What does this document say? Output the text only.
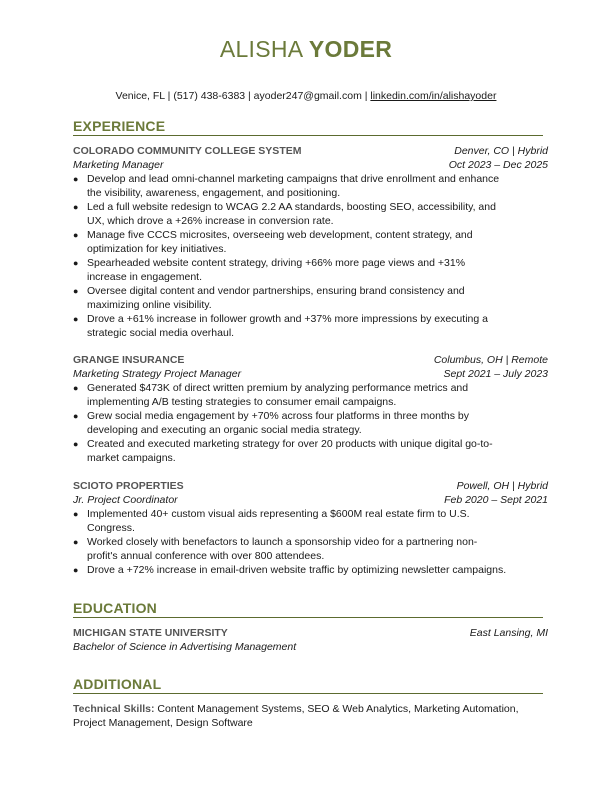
ALISHA YODER
Venice, FL | (517) 438-6383 | ayoder247@gmail.com | linkedin.com/in/alishayoder
EXPERIENCE
COLORADO COMMUNITY COLLEGE SYSTEM	Denver, CO | Hybrid
Marketing Manager	Oct 2023 – Dec 2025
● Develop and lead omni-channel marketing campaigns that drive enrollment and enhance the visibility, awareness, engagement, and positioning.
● Led a full website redesign to WCAG 2.2 AA standards, boosting SEO, accessibility, and UX, which drove a +26% increase in conversion rate.
● Manage five CCCS microsites, overseeing web development, content strategy, and optimization for key initiatives.
● Spearheaded website content strategy, driving +66% more page views and +31% increase in engagement.
● Oversee digital content and vendor partnerships, ensuring brand consistency and maximizing online visibility.
● Drove a +61% increase in follower growth and +37% more impressions by executing a strategic social media overhaul.
GRANGE INSURANCE	Columbus, OH | Remote
Marketing Strategy Project Manager	Sept 2021 – July 2023
● Generated $473K of direct written premium by analyzing performance metrics and implementing A/B testing strategies to consumer email campaigns.
● Grew social media engagement by +70% across four platforms in three months by developing and executing an organic social media strategy.
● Created and executed marketing strategy for over 20 products with unique digital go-to-market campaigns.
SCIOTO PROPERTIES	Powell, OH | Hybrid
Jr. Project Coordinator	Feb 2020 – Sept 2021
● Implemented 40+ custom visual aids representing a $600M real estate firm to U.S. Congress.
● Worked closely with benefactors to launch a sponsorship video for a partnering non-profit's annual conference with over 800 attendees.
● Drove a +72% increase in email-driven website traffic by optimizing newsletter campaigns.
EDUCATION
MICHIGAN STATE UNIVERSITY	East Lansing, MI
Bachelor of Science in Advertising Management
ADDITIONAL
Technical Skills: Content Management Systems, SEO & Web Analytics, Marketing Automation, Project Management, Design Software
